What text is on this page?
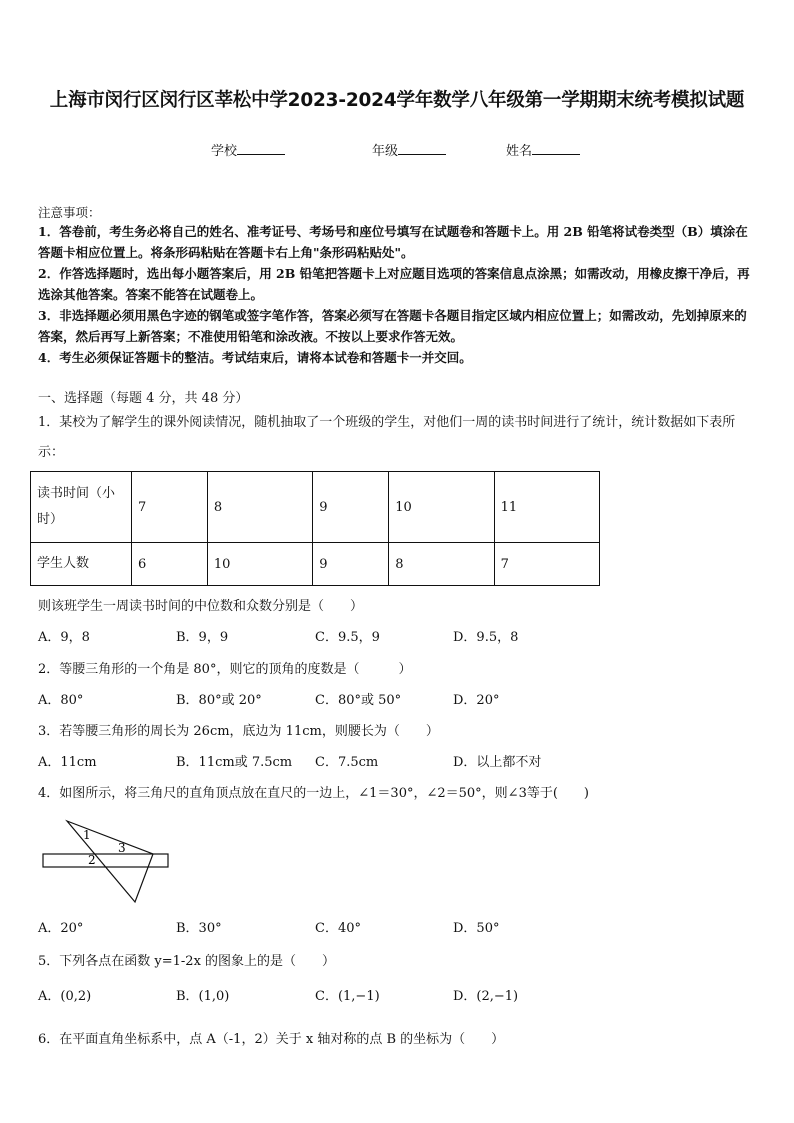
上海市闵行区闵行区莘松中学2023-2024学年数学八年级第一学期期末统考模拟试题
学校	年级	姓名
注意事项：
1．答卷前，考生务必将自己的姓名、准考证号、考场号和座位号填写在试题卷和答题卡上。用 2B 铅笔将试卷类型（B）填涂在答题卡相应位置上。将条形码粘贴在答题卡右上角"条形码粘贴处"。
2．作答选择题时，选出每小题答案后，用 2B 铅笔把答题卡上对应题目选项的答案信息点涂黑；如需改动，用橡皮擦干净后，再选涂其他答案。答案不能答在试题卷上。
3．非选择题必须用黑色字迹的钢笔或签字笔作答，答案必须写在答题卡各题目指定区域内相应位置上；如需改动，先划掉原来的答案，然后再写上新答案；不准使用铅笔和涂改液。不按以上要求作答无效。
4．考生必须保证答题卡的整洁。考试结束后，请将本试卷和答题卡一并交回。
一、选择题（每题 4 分，共 48 分）
1．某校为了解学生的课外阅读情况，随机抽取了一个班级的学生，对他们一周的读书时间进行了统计，统计数据如下表所示：
读书时间（小时）	7	8	9	10	11
学生人数	6	10	9	8	7
则该班学生一周读书时间的中位数和众数分别是（　　）
A．9，8	B．9，9	C．9.5，9	D．9.5，8
2．等腰三角形的一个角是 80°，则它的顶角的度数是（　　　）
A．80°	B．80°或 20°	C．80°或 50°	D．20°
3．若等腰三角形的周长为 26cm，底边为 11cm，则腰长为（　　）
A．11cm	B．11cm或 7.5cm C．7.5cm	D．以上都不对
4．如图所示，将三角尺的直角顶点放在直尺的一边上，∠1＝30°，∠2＝50°，则∠3等于(　　)
1
2
3
A．20°	B．30°	C．40°	D．50°
5．下列各点在函数 y=1-2x 的图象上的是（　　）
A．(0,2)	B．(1,0)	C．(1,−1)	D．(2,−1)
6．在平面直角坐标系中，点 A（-1，2）关于 x 轴对称的点 B 的坐标为（　　）
